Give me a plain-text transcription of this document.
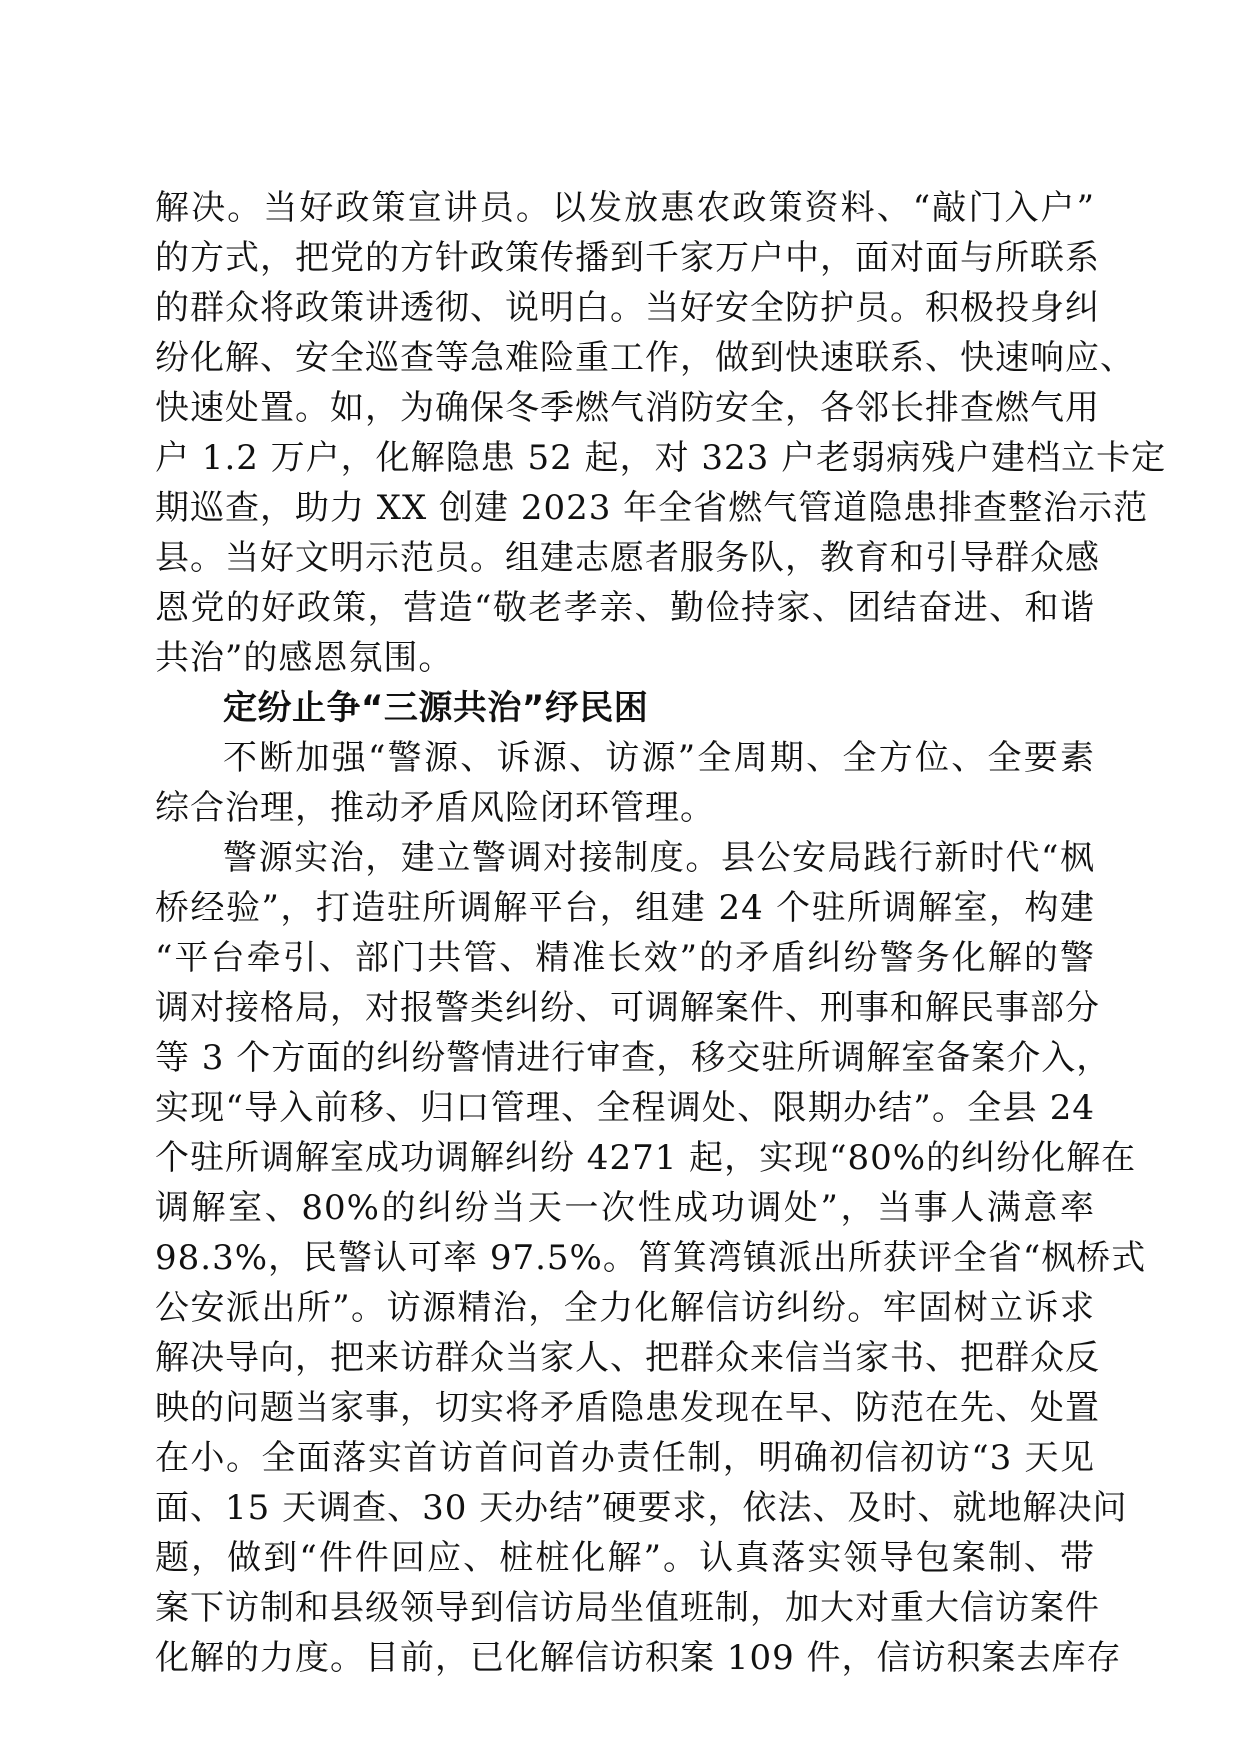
解决。当好政策宣讲员。以发放惠农政策资料、“敲门入户”
的方式，把党的方针政策传播到千家万户中，面对面与所联系
的群众将政策讲透彻、说明白。当好安全防护员。积极投身纠
纷化解、安全巡查等急难险重工作，做到快速联系、快速响应、
快速处置。如，为确保冬季燃气消防安全，各邻长排查燃气用
户 1.2 万户，化解隐患 52 起，对 323 户老弱病残户建档立卡定
期巡查，助力 XX 创建 2023 年全省燃气管道隐患排查整治示范
县。当好文明示范员。组建志愿者服务队，教育和引导群众感
恩党的好政策，营造“敬老孝亲、勤俭持家、团结奋进、和谐
共治”的感恩氛围。
定纷止争“三源共治”纾民困
不断加强“警源、诉源、访源”全周期、全方位、全要素
综合治理，推动矛盾风险闭环管理。
警源实治，建立警调对接制度。县公安局践行新时代“枫
桥经验”，打造驻所调解平台，组建 24 个驻所调解室，构建
“平台牵引、部门共管、精准长效”的矛盾纠纷警务化解的警
调对接格局，对报警类纠纷、可调解案件、刑事和解民事部分
等 3 个方面的纠纷警情进行审查，移交驻所调解室备案介入，
实现“导入前移、归口管理、全程调处、限期办结”。全县 24
个驻所调解室成功调解纠纷 4271 起，实现“80%的纠纷化解在
调解室、80%的纠纷当天一次性成功调处”，当事人满意率
98.3%，民警认可率 97.5%。筲箕湾镇派出所获评全省“枫桥式
公安派出所”。访源精治，全力化解信访纠纷。牢固树立诉求
解决导向，把来访群众当家人、把群众来信当家书、把群众反
映的问题当家事，切实将矛盾隐患发现在早、防范在先、处置
在小。全面落实首访首问首办责任制，明确初信初访“3 天见
面、15 天调查、30 天办结”硬要求，依法、及时、就地解决问
题，做到“件件回应、桩桩化解”。认真落实领导包案制、带
案下访制和县级领导到信访局坐值班制，加大对重大信访案件
化解的力度。目前，已化解信访积案 109 件，信访积案去库存
